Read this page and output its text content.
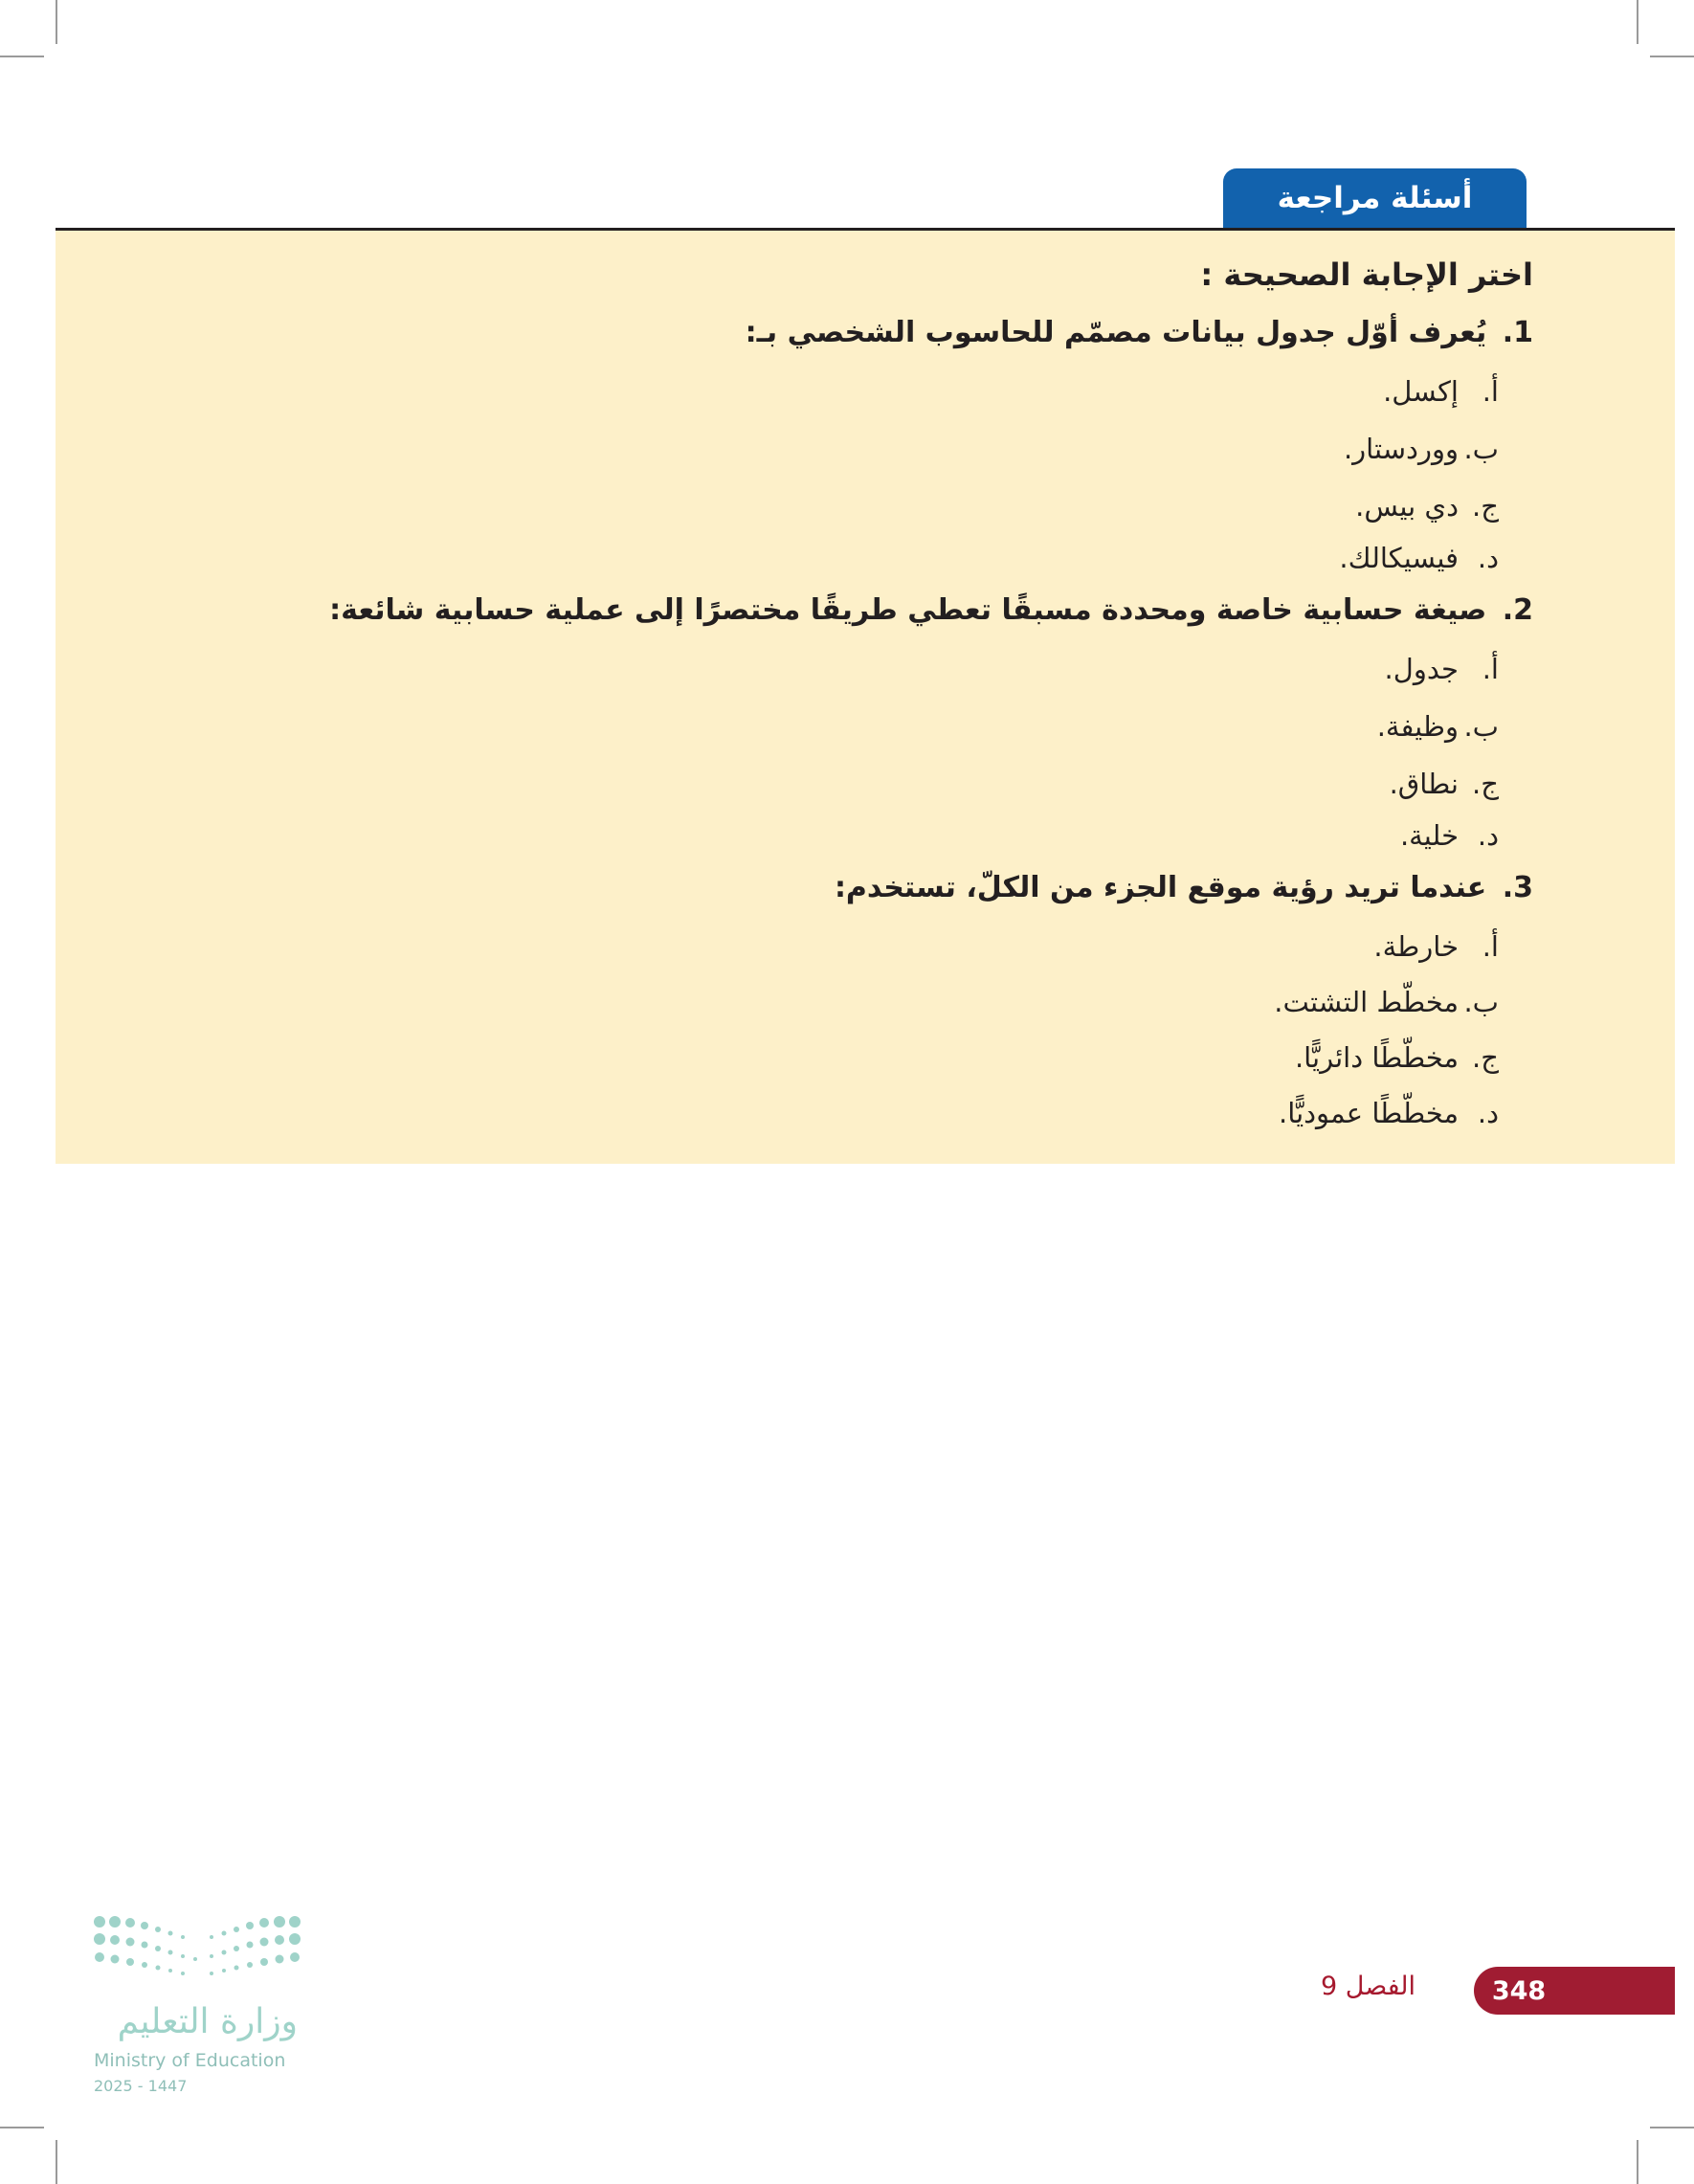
أسئلة مراجعة
اختر الإجابة الصحيحة :
1. يُعرف أوّل جدول بيانات مصمّم للحاسوب الشخصي بـ:
أ.إكسل.
ب.ووردستار.
ج.دي بيس.
د.فيسيكالك.
2. صيغة حسابية خاصة ومحددة مسبقًا تعطي طريقًا مختصرًا إلى عملية حسابية شائعة:
أ.جدول.
ب.وظيفة.
ج.نطاق.
د.خلية.
3. عندما تريد رؤية موقع الجزء من الكلّ، تستخدم:
أ.خارطة.
ب.مخطّط التشتت.
ج.مخطّطًا دائريًّا.
د.مخطّطًا عموديًّا.
وزارة التعليم
Ministry of Education
2025 - 1447
الفصل 9	348
